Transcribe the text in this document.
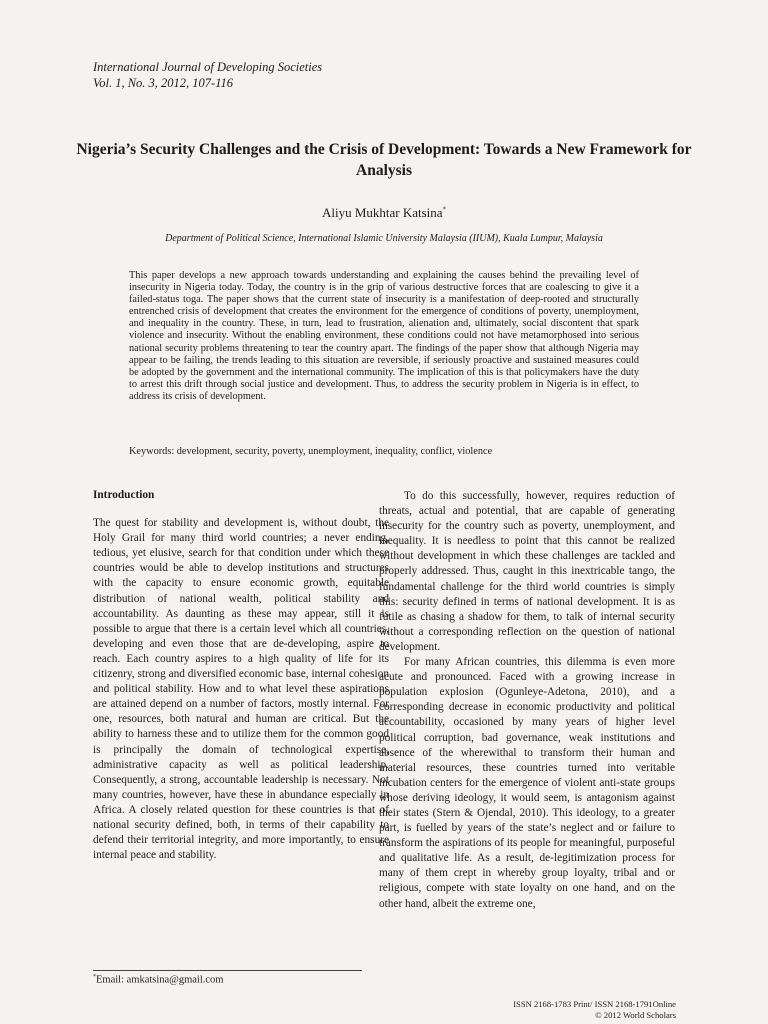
International Journal of Developing Societies
Vol. 1, No. 3, 2012, 107-116
Nigeria’s Security Challenges and the Crisis of Development: Towards a New Framework for Analysis
Aliyu Mukhtar Katsina*
Department of Political Science, International Islamic University Malaysia (IIUM), Kuala Lumpur, Malaysia
This paper develops a new approach towards understanding and explaining the causes behind the prevailing level of insecurity in Nigeria today. Today, the country is in the grip of various destructive forces that are coalescing to give it a failed-status toga. The paper shows that the current state of insecurity is a manifestation of deep-rooted and structurally entrenched crisis of development that creates the environment for the emergence of conditions of poverty, unemployment, and inequality in the country. These, in turn, lead to frustration, alienation and, ultimately, social discontent that spark violence and insecurity. Without the enabling environment, these conditions could not have metamorphosed into serious national security problems threatening to tear the country apart. The findings of the paper show that although Nigeria may appear to be failing, the trends leading to this situation are reversible, if seriously proactive and sustained measures could be adopted by the government and the international community. The implication of this is that policymakers have the duty to arrest this drift through social justice and development. Thus, to address the security problem in Nigeria is in effect, to address its crisis of development.
Keywords: development, security, poverty, unemployment, inequality, conflict, violence
Introduction

The quest for stability and development is, without doubt, the Holy Grail for many third world countries; a never ending, tedious, yet elusive, search for that condition under which these countries would be able to develop institutions and structures with the capacity to ensure economic growth, equitable distribution of national wealth, political stability and accountability. As daunting as these may appear, still it is possible to argue that there is a certain level which all countries, developing and even those that are de-developing, aspire to reach. Each country aspires to a high quality of life for its citizenry, strong and diversified economic base, internal cohesion and political stability. How and to what level these aspirations are attained depend on a number of factors, mostly internal. For one, resources, both natural and human are critical. But the ability to harness these and to utilize them for the common good is principally the domain of technological expertise, administrative capacity as well as political leadership. Consequently, a strong, accountable leadership is necessary. Not many countries, however, have these in abundance especially in Africa. A closely related question for these countries is that of national security defined, both, in terms of their capability to defend their territorial integrity, and more importantly, to ensure internal peace and stability.

To do this successfully, however, requires reduction of threats, actual and potential, that are capable of generating insecurity for the country such as poverty, unemployment, and inequality. It is needless to point that this cannot be realized without development in which these challenges are tackled and properly addressed. Thus, caught in this inextricable tango, the fundamental challenge for the third world countries is simply this: security defined in terms of national development. It is as futile as chasing a shadow for them, to talk of internal security without a corresponding reflection on the question of national development.

For many African countries, this dilemma is even more acute and pronounced. Faced with a growing increase in population explosion (Ogunleye-Adetona, 2010), and a corresponding decrease in economic productivity and political accountability, occasioned by many years of higher level political corruption, bad governance, weak institutions and absence of the wherewithal to transform their human and material resources, these countries turned into veritable incubation centers for the emergence of violent anti-state groups whose deriving ideology, it would seem, is antagonism against their states (Stern & Ojendal, 2010). This ideology, to a greater part, is fuelled by years of the state’s neglect and or failure to transform the aspirations of its people for meaningful, purposeful and qualitative life. As a result, de-legitimization process for many of them crept in whereby group loyalty, tribal and or religious, compete with state loyalty on one hand, and on the other hand, albeit the extreme one,

*Email: amkatsina@gmail.com
ISSN 2168-1783 Print/ ISSN 2168-1791Online
© 2012 World Scholars
